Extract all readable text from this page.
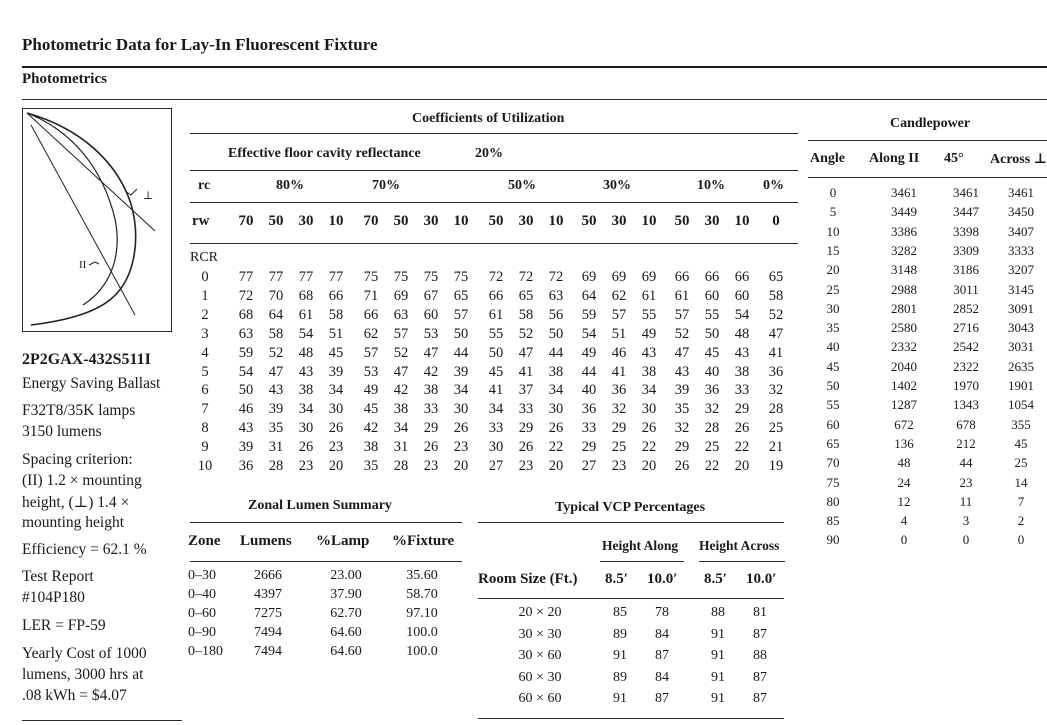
Photometric Data for Lay-In Fluorescent Fixture
Photometrics
⊥
II
2P2GAX-432S511I
Energy Saving Ballast
F32T8/35K lamps
3150 lumens
Spacing criterion:
(II) 1.2 × mounting
height, (⊥) 1.4 ×
mounting height
Efficiency = 62.1 %
Test Report
#104P180
LER = FP-59
Yearly Cost of 1000
lumens, 3000 hrs at
.08 kWh = $4.07
Coefficients of Utilization
Effective floor cavity reflectance	20%
rc	80%	70%	50%	30%	10%	0%
rw	70	50	30	10	70	50	30	10	50	30	10	50	30	10	50	30	10	0
RCR
0	77	77	77	77	75	75	75	75	72	72	72	69	69	69	66	66	66	65
1	72	70	68	66	71	69	67	65	66	65	63	64	62	61	61	60	60	58
2	68	64	61	58	66	63	60	57	61	58	56	59	57	55	57	55	54	52
3	63	58	54	51	62	57	53	50	55	52	50	54	51	49	52	50	48	47
4	59	52	48	45	57	52	47	44	50	47	44	49	46	43	47	45	43	41
5	54	47	43	39	53	47	42	39	45	41	38	44	41	38	43	40	38	36
6	50	43	38	34	49	42	38	34	41	37	34	40	36	34	39	36	33	32
7	46	39	34	30	45	38	33	30	34	33	30	36	32	30	35	32	29	28
8	43	35	30	26	42	34	29	26	33	29	26	33	29	26	32	28	26	25
9	39	31	26	23	38	31	26	23	30	26	22	29	25	22	29	25	22	21
10	36	28	23	20	35	28	23	20	27	23	20	27	23	20	26	22	20	19
Zonal Lumen Summary
Zone Lumens %Lamp %Fixture
0–30	2666	23.00	35.60
0–40	4397	37.90	58.70
0–60	7275	62.70	97.10
0–90	7494	64.60	100.0
0–180	7494	64.60	100.0
Typical VCP Percentages
Height Along Height Across
Room Size (Ft.) 8.5′ 10.0′ 8.5′ 10.0′
20 × 20	85	78	88	81
30 × 30	89	84	91	87
30 × 60	91	87	91	88
60 × 30	89	84	91	87
60 × 60	91	87	91	87
Candlepower
Angle Along II 45° Across ⊥
0	3461	3461	3461
5	3449	3447	3450
10	3386	3398	3407
15	3282	3309	3333
20	3148	3186	3207
25	2988	3011	3145
30	2801	2852	3091
35	2580	2716	3043
40	2332	2542	3031
45	2040	2322	2635
50	1402	1970	1901
55	1287	1343	1054
60	672	678	355
65	136	212	45
70	48	44	25
75	24	23	14
80	12	11	7
85	4	3	2
90	0	0	0
